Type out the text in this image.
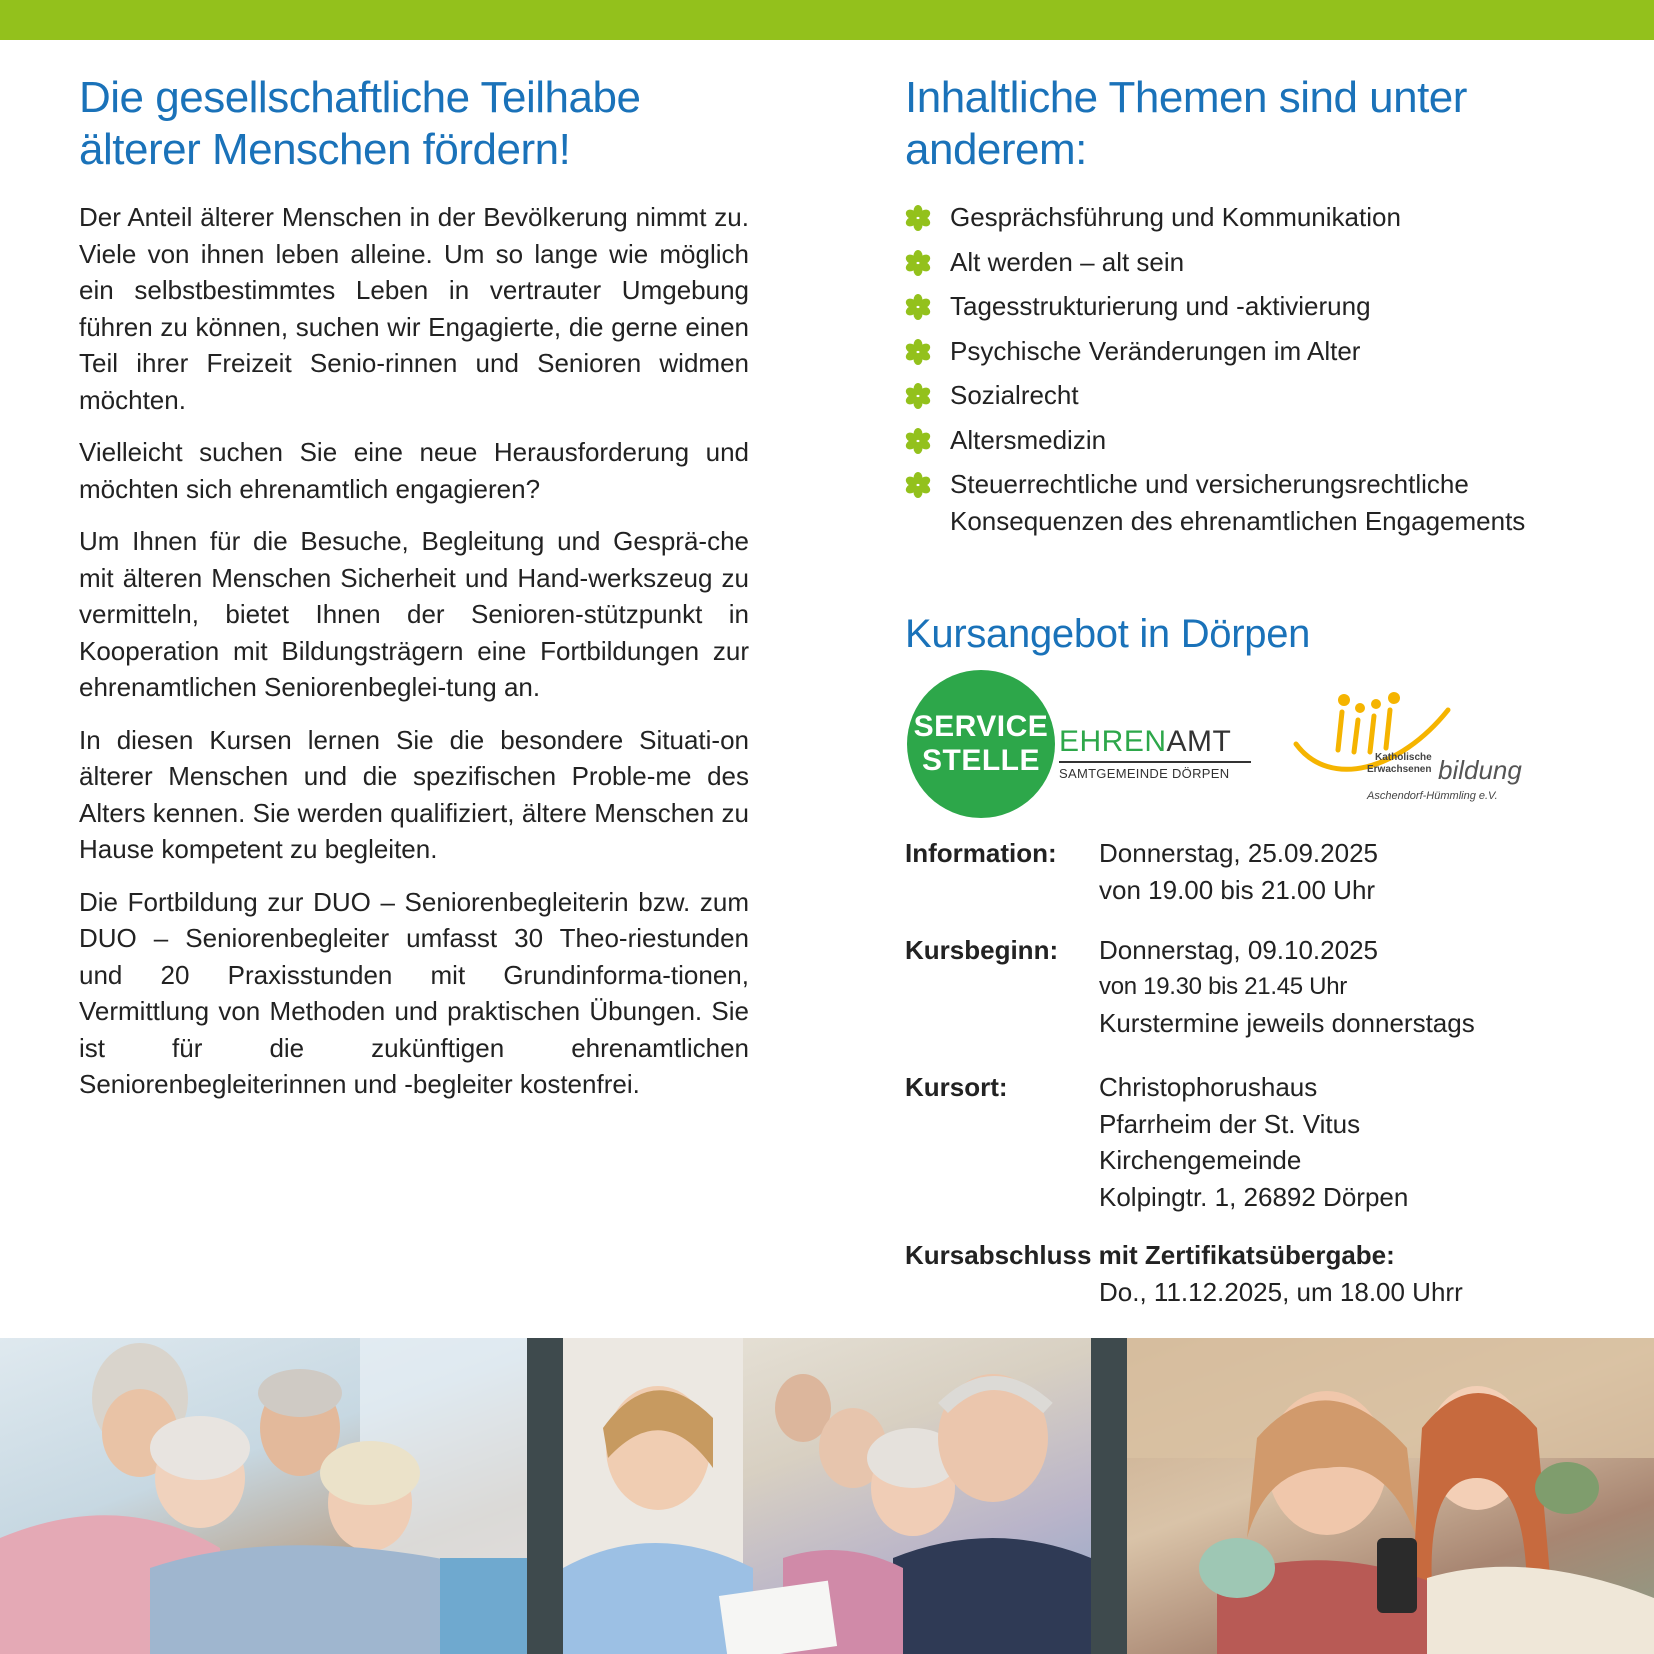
Die gesellschaftliche Teilhabe
älterer Menschen fördern!

Der Anteil älterer Menschen in der Bevölkerung nimmt zu. Viele von ihnen leben alleine. Um so lange wie möglich ein selbstbestimmtes Leben in vertrauter Umgebung führen zu können, suchen wir Engagierte, die gerne einen Teil ihrer Freizeit Senio-rinnen und Senioren widmen möchten.

Vielleicht suchen Sie eine neue Herausforderung und möchten sich ehrenamtlich engagieren?

Um Ihnen für die Besuche, Begleitung und Gesprä-che mit älteren Menschen Sicherheit und Hand-werkszeug zu vermitteln, bietet Ihnen der Senioren-stützpunkt in Kooperation mit Bildungsträgern eine Fortbildungen zur ehrenamtlichen Seniorenbeglei-tung an.

In diesen Kursen lernen Sie die besondere Situati-on älterer Menschen und die spezifischen Proble-me des Alters kennen. Sie werden qualifiziert, ältere Menschen zu Hause kompetent zu begleiten.

Die Fortbildung zur DUO – Seniorenbegleiterin bzw. zum DUO – Seniorenbegleiter umfasst 30 Theo-riestunden und 20 Praxisstunden mit Grundinforma-tionen, Vermittlung von Methoden und praktischen Übungen. Sie ist für die zukünftigen ehrenamtlichen Seniorenbegleiterinnen und -begleiter kostenfrei.

Inhaltliche Themen sind unter
anderem:
Gesprächsführung und Kommunikation
Alt werden – alt sein
Tagesstrukturierung und -aktivierung
Psychische Veränderungen im Alter
Sozialrecht
Altersmedizin
Steuerrechtliche und versicherungsrechtliche Konsequenzen des ehrenamtlichen Engagements
Kursangebot in Dörpen
SERVICE
STELLE
EHRENAMT
SAMTGEMEINDE DÖRPEN
Katholische
Erwachsenen bildung
Aschendorf-Hümmling e.V.
Information:	Donnerstag, 25.09.2025
von 19.00 bis 21.00 Uhr
Kursbeginn:	Donnerstag, 09.10.2025
von 19.30 bis 21.45 Uhr
Kurstermine jeweils donnerstags
Kursort:	Christophorushaus
Pfarrheim der St. Vitus
Kirchengemeinde
Kolpingtr. 1, 26892 Dörpen
Kursabschluss mit Zertifikatsübergabe:
Do., 11.12.2025, um 18.00 Uhrr
